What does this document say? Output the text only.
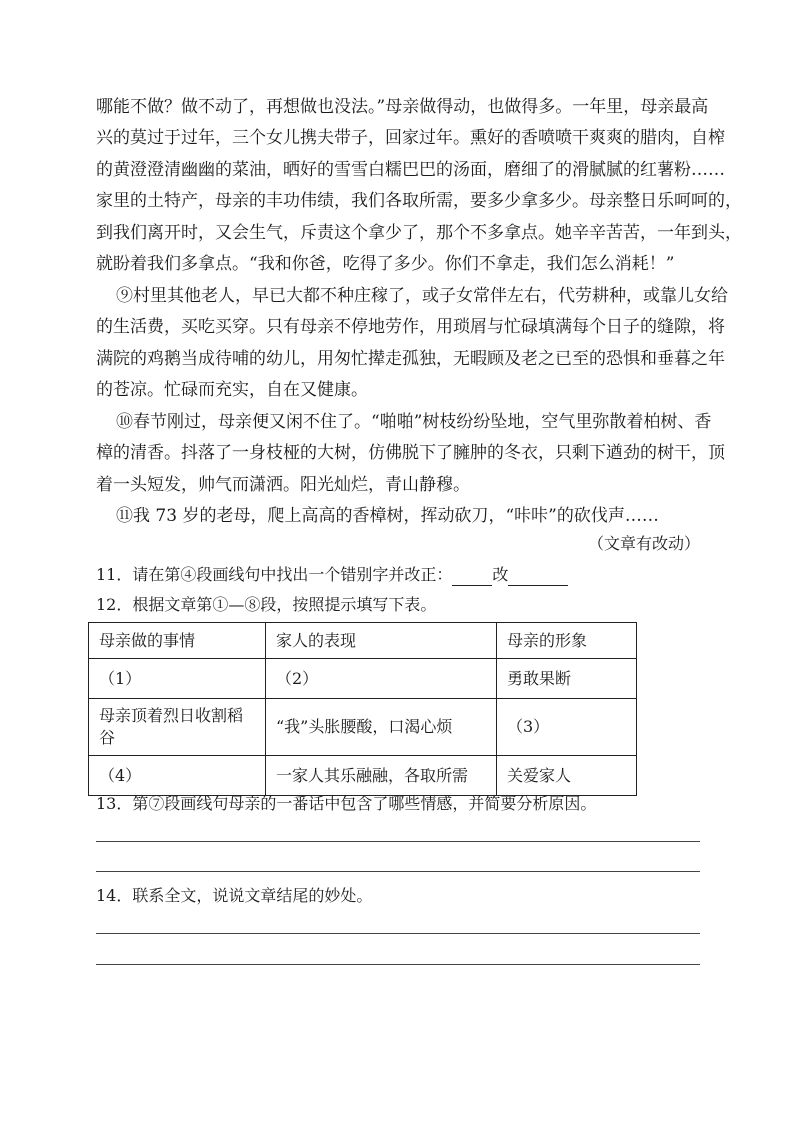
哪能不做？做不动了，再想做也没法。”母亲做得动，也做得多。一年里，母亲最高
兴的莫过于过年，三个女儿携夫带子，回家过年。熏好的香喷喷干爽爽的腊肉，自榨
的黄澄澄清幽幽的菜油，晒好的雪雪白糯巴巴的汤面，磨细了的滑腻腻的红薯粉……
家里的土特产，母亲的丰功伟绩，我们各取所需，要多少拿多少。母亲整日乐呵呵的，
到我们离开时，又会生气，斥责这个拿少了，那个不多拿点。她辛辛苦苦，一年到头，
就盼着我们多拿点。“我和你爸，吃得了多少。你们不拿走，我们怎么消耗！”
⑨村里其他老人，早已大都不种庄稼了，或子女常伴左右，代劳耕种，或靠儿女给
的生活费，买吃买穿。只有母亲不停地劳作，用琐屑与忙碌填满每个日子的缝隙，将
满院的鸡鹅当成待哺的幼儿，用匆忙撵走孤独，无暇顾及老之已至的恐惧和垂暮之年
的苍凉。忙碌而充实，自在又健康。
⑩春节刚过，母亲便又闲不住了。“啪啪”树枝纷纷坠地，空气里弥散着柏树、香
樟的清香。抖落了一身枝桠的大树，仿佛脱下了臃肿的冬衣，只剩下遒劲的树干，顶
着一头短发，帅气而潇洒。阳光灿烂，青山静穆。
⑪我 73 岁的老母，爬上高高的香樟树，挥动砍刀，“咔咔”的砍伐声……
（文章有改动）
11．请在第④段画线句中找出一个错别字并改正：	改
12．根据文章第①—⑧段，按照提示填写下表。
母亲做的事情	家人的表现	母亲的形象
（1）	（2）	勇敢果断
母亲顶着烈日收割稻谷	“我”头胀腰酸，口渴心烦	（3）
（4）	一家人其乐融融，各取所需	关爱家人
13．第⑦段画线句母亲的一番话中包含了哪些情感，并简要分析原因。
14．联系全文，说说文章结尾的妙处。
